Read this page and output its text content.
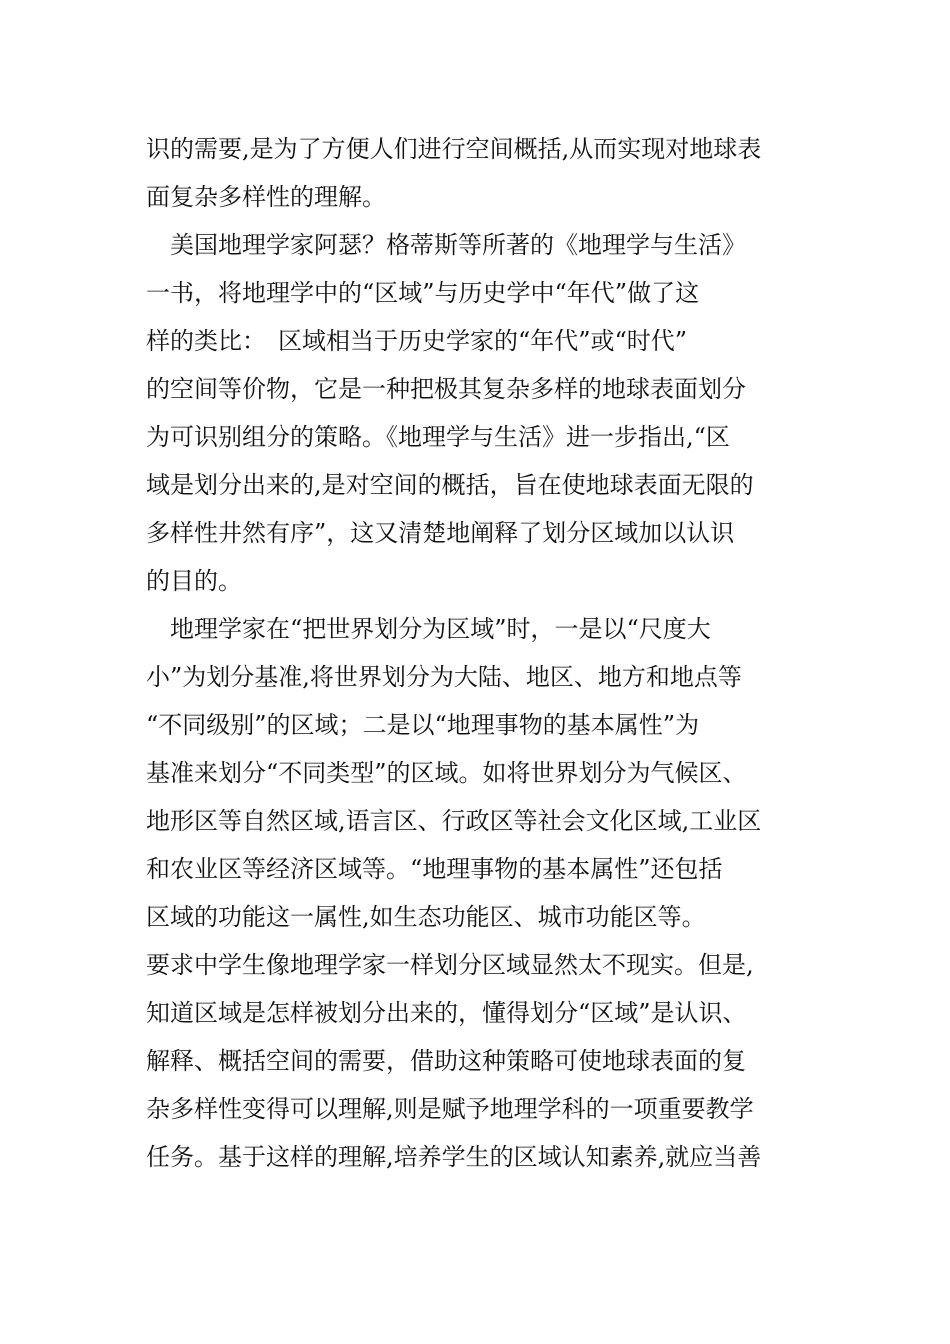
识的需要,是为了方便人们进行空间概括,从而实现对地球表
面复杂多样性的理解。
　美国地理学家阿瑟？格蒂斯等所著的《地理学与生活》
一书，将地理学中的“区域”与历史学中“年代”做了这
样的类比：　区域相当于历史学家的“年代”或“时代”
的空间等价物，它是一种把极其复杂多样的地球表面划分
为可识别组分的策略。《地理学与生活》进一步指出,“区
域是划分出来的,是对空间的概括，旨在使地球表面无限的
多样性井然有序”，这又清楚地阐释了划分区域加以认识
的目的。
　地理学家在“把世界划分为区域”时，一是以“尺度大
小”为划分基准,将世界划分为大陆、地区、地方和地点等
“不同级别”的区域；二是以“地理事物的基本属性”为
基准来划分“不同类型”的区域。如将世界划分为气候区、
地形区等自然区域,语言区、行政区等社会文化区域,工业区
和农业区等经济区域等。“地理事物的基本属性”还包括
区域的功能这一属性,如生态功能区、城市功能区等。
要求中学生像地理学家一样划分区域显然太不现实。但是,
知道区域是怎样被划分出来的，懂得划分“区域”是认识、
解释、概括空间的需要，借助这种策略可使地球表面的复
杂多样性变得可以理解,则是赋予地理学科的一项重要教学
任务。基于这样的理解,培养学生的区域认知素养,就应当善
